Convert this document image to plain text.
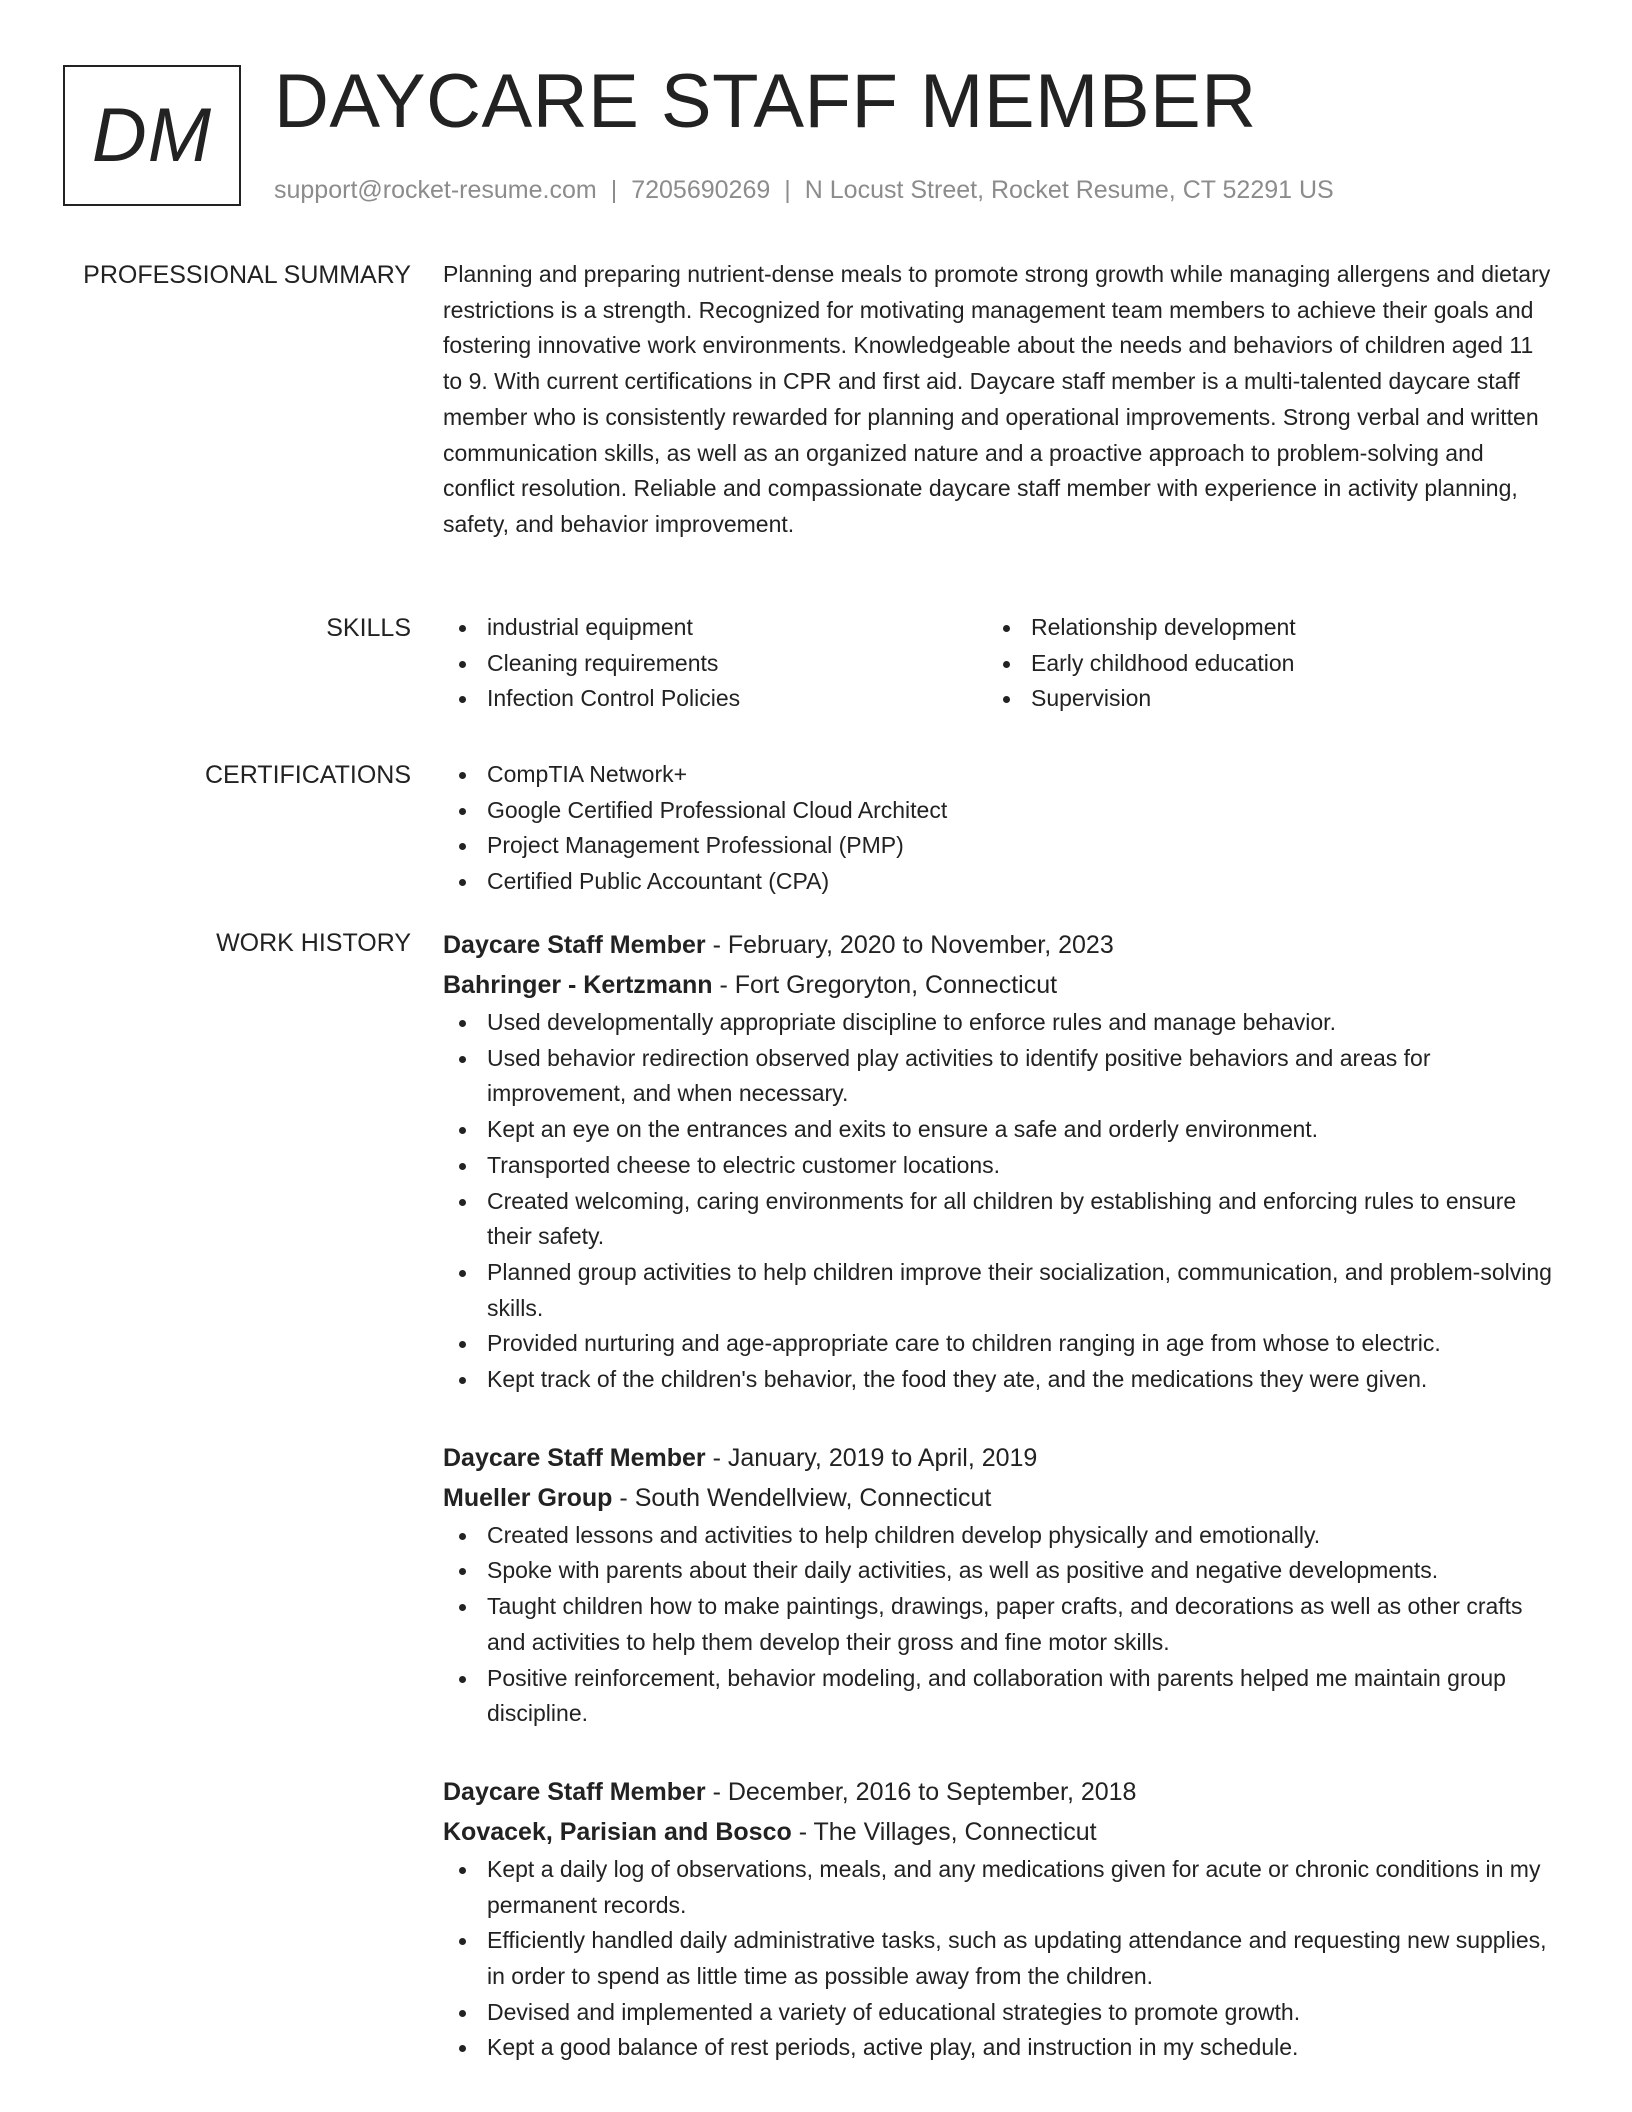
DM DAYCARE STAFF MEMBER
support@rocket-resume.com | 7205690269 | N Locust Street, Rocket Resume, CT 52291 US
PROFESSIONAL SUMMARY Planning and preparing nutrient-dense meals to promote strong growth while managing allergens and dietary restrictions is a strength. Recognized for motivating management team members to achieve their goals and fostering innovative work environments. Knowledgeable about the needs and behaviors of children aged 11 to 9. With current certifications in CPR and first aid. Daycare staff member is a multi-talented daycare staff member who is consistently rewarded for planning and operational improvements. Strong verbal and written communication skills, as well as an organized nature and a proactive approach to problem-solving and conflict resolution. Reliable and compassionate daycare staff member with experience in activity planning, safety, and behavior improvement.

SKILLS	industrial equipment
Cleaning requirements
Infection Control Policies
Relationship development
Early childhood education
Supervision
CERTIFICATIONS	CompTIA Network+
Google Certified Professional Cloud Architect
Project Management Professional (PMP)
Certified Public Accountant (CPA)
WORK HISTORY Daycare Staff Member - February, 2020 to November, 2023
Bahringer - Kertzmann - Fort Gregoryton, Connecticut
Used developmentally appropriate discipline to enforce rules and manage behavior.
Used behavior redirection observed play activities to identify positive behaviors and areas for improvement, and when necessary.
Kept an eye on the entrances and exits to ensure a safe and orderly environment.
Transported cheese to electric customer locations.
Created welcoming, caring environments for all children by establishing and enforcing rules to ensure their safety.
Planned group activities to help children improve their socialization, communication, and problem-solving skills.
Provided nurturing and age-appropriate care to children ranging in age from whose to electric.
Kept track of the children's behavior, the food they ate, and the medications they were given.
Daycare Staff Member - January, 2019 to April, 2019
Mueller Group - South Wendellview, Connecticut
Created lessons and activities to help children develop physically and emotionally.
Spoke with parents about their daily activities, as well as positive and negative developments.
Taught children how to make paintings, drawings, paper crafts, and decorations as well as other crafts and activities to help them develop their gross and fine motor skills.
Positive reinforcement, behavior modeling, and collaboration with parents helped me maintain group discipline.
Daycare Staff Member - December, 2016 to September, 2018
Kovacek, Parisian and Bosco - The Villages, Connecticut
Kept a daily log of observations, meals, and any medications given for acute or chronic conditions in my permanent records.
Efficiently handled daily administrative tasks, such as updating attendance and requesting new supplies, in order to spend as little time as possible away from the children.
Devised and implemented a variety of educational strategies to promote growth.
Kept a good balance of rest periods, active play, and instruction in my schedule.
